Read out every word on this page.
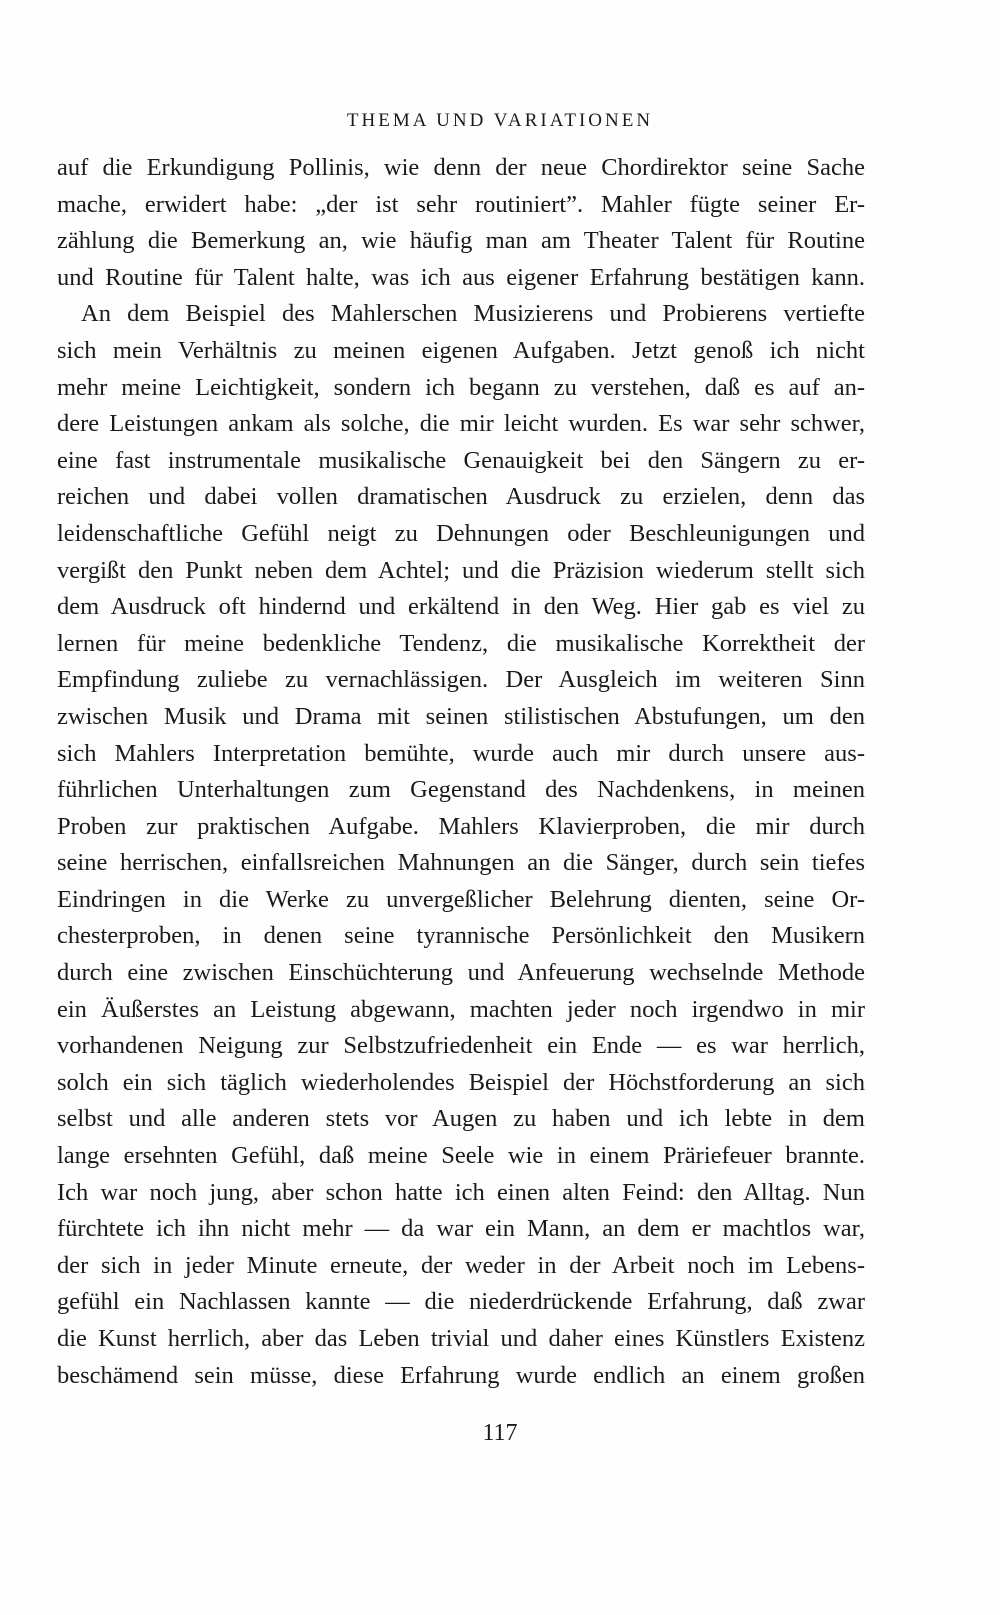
THEMA UND VARIATIONEN
auf die Erkundigung Pollinis, wie denn der neue Chordirektor seine Sache
mache, erwidert habe: „der ist sehr routiniert”. Mahler fügte seiner Er-
zählung die Bemerkung an, wie häufig man am Theater Talent für Routine
und Routine für Talent halte, was ich aus eigener Erfahrung bestätigen kann.
An dem Beispiel des Mahlerschen Musizierens und Probierens vertiefte
sich mein Verhältnis zu meinen eigenen Aufgaben. Jetzt genoß ich nicht
mehr meine Leichtigkeit, sondern ich begann zu verstehen, daß es auf an-
dere Leistungen ankam als solche, die mir leicht wurden. Es war sehr schwer,
eine fast instrumentale musikalische Genauigkeit bei den Sängern zu er-
reichen und dabei vollen dramatischen Ausdruck zu erzielen, denn das
leidenschaftliche Gefühl neigt zu Dehnungen oder Beschleunigungen und
vergißt den Punkt neben dem Achtel; und die Präzision wiederum stellt sich
dem Ausdruck oft hindernd und erkältend in den Weg. Hier gab es viel zu
lernen für meine bedenkliche Tendenz, die musikalische Korrektheit der
Empfindung zuliebe zu vernachlässigen. Der Ausgleich im weiteren Sinn
zwischen Musik und Drama mit seinen stilistischen Abstufungen, um den
sich Mahlers Interpretation bemühte, wurde auch mir durch unsere aus-
führlichen Unterhaltungen zum Gegenstand des Nachdenkens, in meinen
Proben zur praktischen Aufgabe. Mahlers Klavierproben, die mir durch
seine herrischen, einfallsreichen Mahnungen an die Sänger, durch sein tiefes
Eindringen in die Werke zu unvergeßlicher Belehrung dienten, seine Or-
chesterproben, in denen seine tyrannische Persönlichkeit den Musikern
durch eine zwischen Einschüchterung und Anfeuerung wechselnde Methode
ein Äußerstes an Leistung abgewann, machten jeder noch irgendwo in mir
vorhandenen Neigung zur Selbstzufriedenheit ein Ende — es war herrlich,
solch ein sich täglich wiederholendes Beispiel der Höchstforderung an sich
selbst und alle anderen stets vor Augen zu haben und ich lebte in dem
lange ersehnten Gefühl, daß meine Seele wie in einem Präriefeuer brannte.
Ich war noch jung, aber schon hatte ich einen alten Feind: den Alltag. Nun
fürchtete ich ihn nicht mehr — da war ein Mann, an dem er machtlos war,
der sich in jeder Minute erneute, der weder in der Arbeit noch im Lebens-
gefühl ein Nachlassen kannte — die niederdrückende Erfahrung, daß zwar
die Kunst herrlich, aber das Leben trivial und daher eines Künstlers Existenz
beschämend sein müsse, diese Erfahrung wurde endlich an einem großen
117
